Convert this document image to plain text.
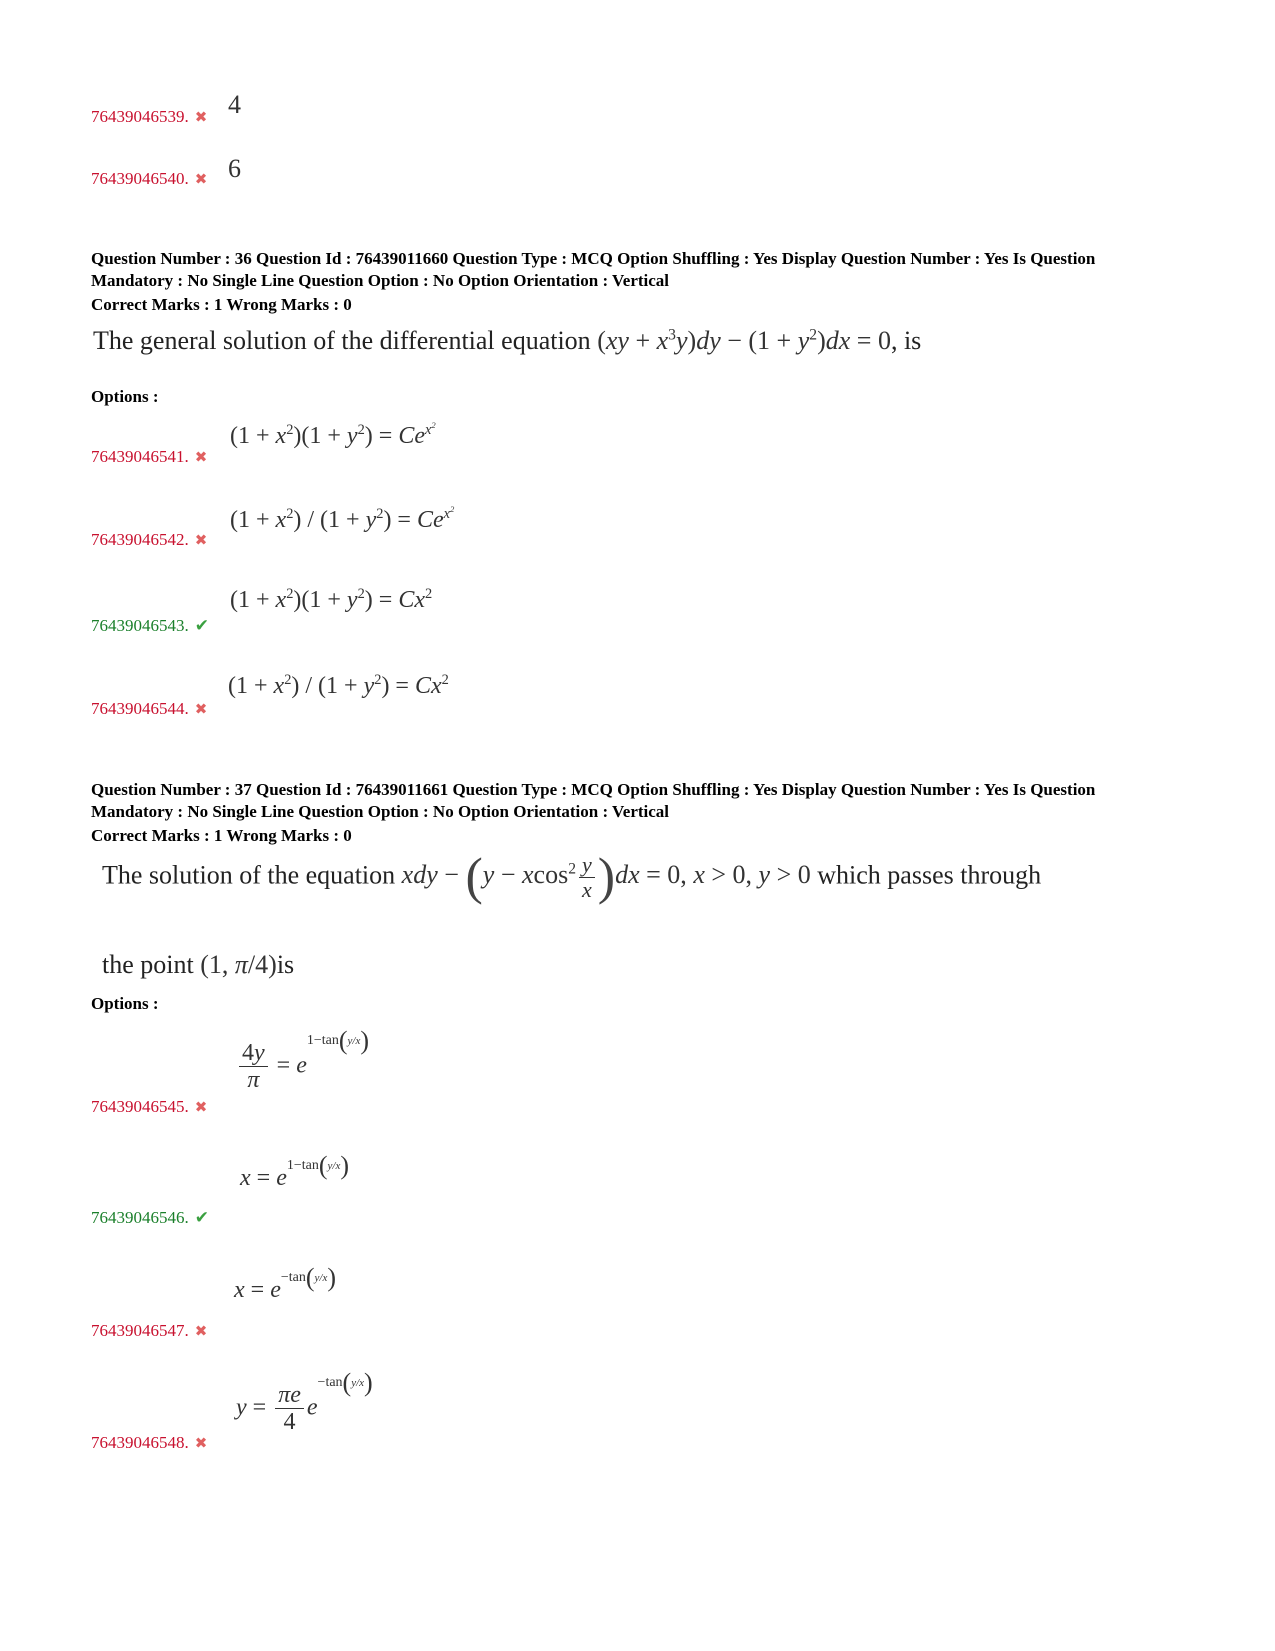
76439046539. ✖ 4
76439046540. ✖ 6
Question Number : 36 Question Id : 76439011660 Question Type : MCQ Option Shuffling : Yes Display Question Number : Yes Is Question Mandatory : No Single Line Question Option : No Option Orientation : Vertical
Correct Marks : 1 Wrong Marks : 0
The general solution of the differential equation $(xy + x^3y)dy - (1 + y^2)dx = 0$, is
Options :
$(1 + x^2)(1 + y^2) = Ce^{x^2}$
76439046541. ✖
$(1 + x^2) / (1 + y^2) = Ce^{x^2}$
76439046542. ✖
$(1 + x^2)(1 + y^2) = Cx^2$
76439046543. ✔
$(1 + x^2) / (1 + y^2) = Cx^2$
76439046544. ✖
Question Number : 37 Question Id : 76439011661 Question Type : MCQ Option Shuffling : Yes Display Question Number : Yes Is Question Mandatory : No Single Line Question Option : No Option Orientation : Vertical
Correct Marks : 1 Wrong Marks : 0
The solution of the equation xdy − $(y - xcos^2 \frac{y}{x} )dx = 0$, x > 0, y > 0 which passes through
the point (1, π/4)is
Options :
$\frac{4y}{\pi} = e1-\tan(y/x)$
76439046545. ✖
x = e1−tan(y/x)
76439046546. ✔
x = e−tan(y/x)
76439046547. ✖
$y = \frac{\pi e}{4} e-\tan(y/x)$
76439046548. ✖
